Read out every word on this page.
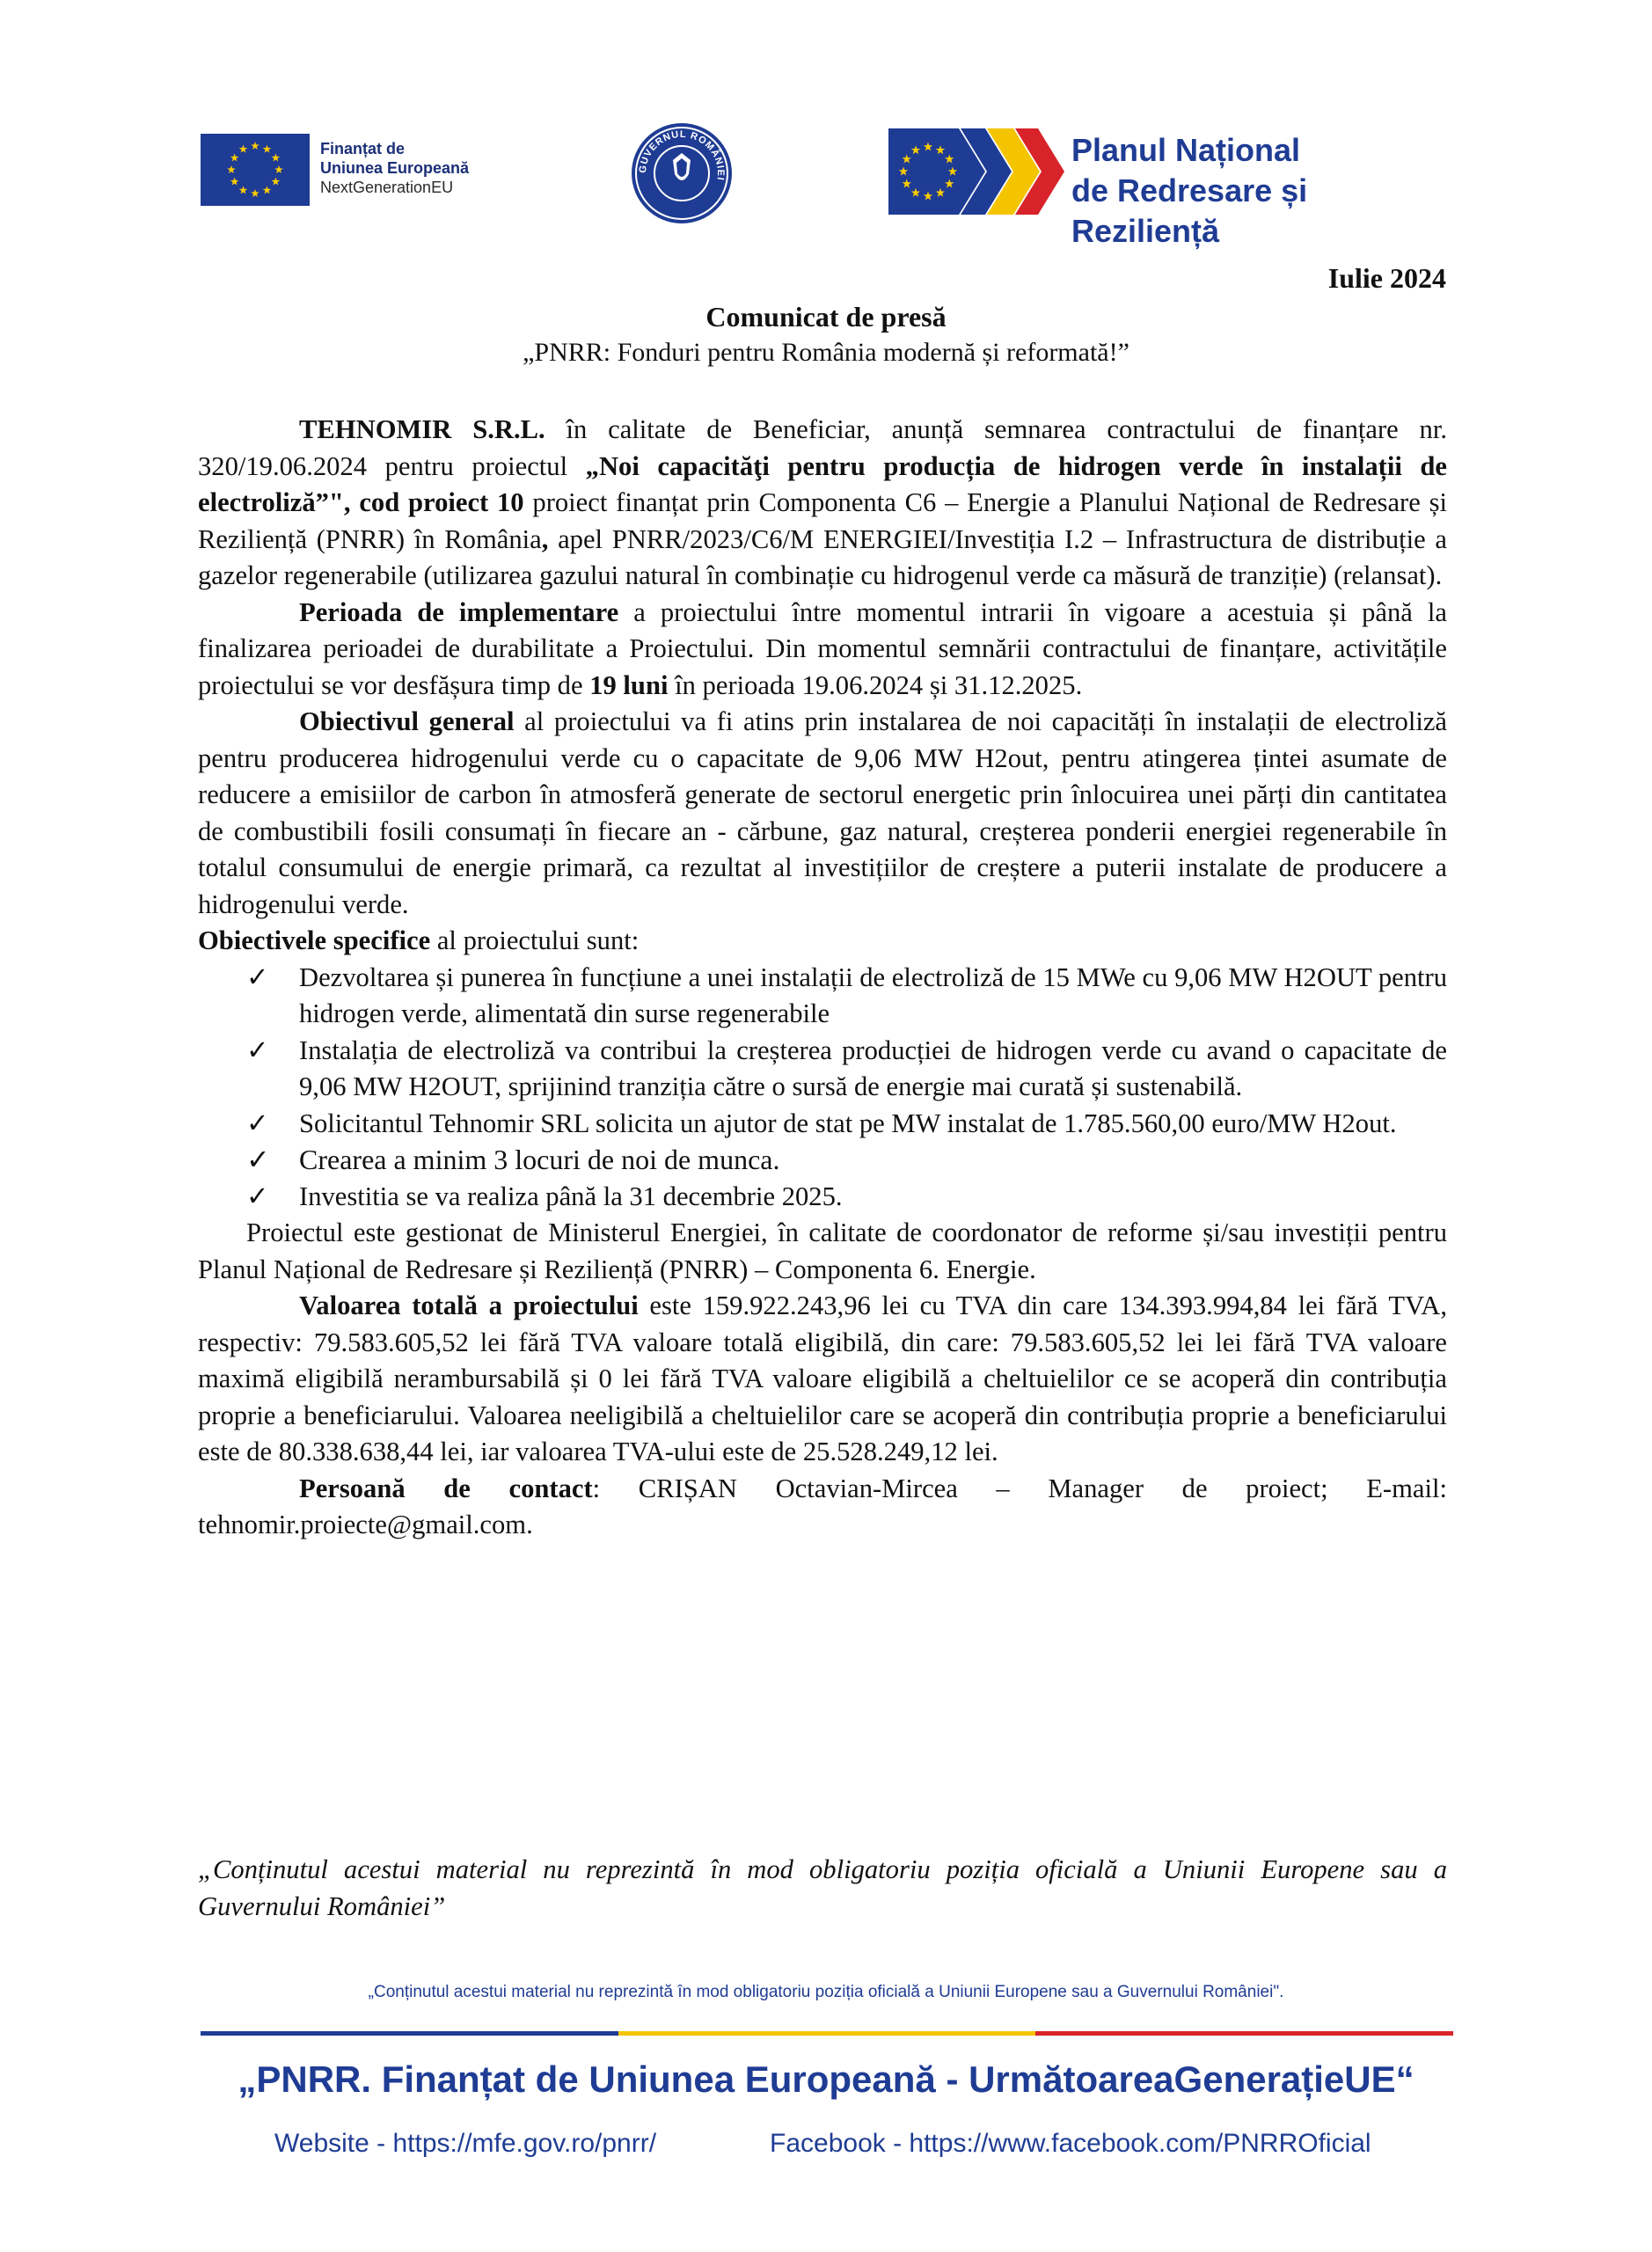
Finanțat de
Uniunea Europeană
NextGenerationEU
GUVERNUL ROMÂNIEI
Planul Național
de Redresare și Reziliență
Iulie 2024
Comunicat de presă
„PNRR: Fonduri pentru România modernă și reformată!”

TEHNOMIR S.R.L. în calitate de Beneficiar, anunță semnarea contractului de finanțare nr. 320/19.06.2024 pentru proiectul „Noi capacităţi pentru producția de hidrogen verde în instalații de electroliză”", cod proiect 10 proiect finanțat prin Componenta C6 – Energie a Planului Național de Redresare și Reziliență (PNRR) în România, apel PNRR/2023/C6/M ENERGIEI/Investiția I.2 – Infrastructura de distribuție a gazelor regenerabile (utilizarea gazului natural în combinație cu hidrogenul verde ca măsură de tranziție) (relansat).

Perioada de implementare a proiectului între momentul intrarii în vigoare a acestuia și până la finalizarea perioadei de durabilitate a Proiectului. Din momentul semnării contractului de finanțare, activitățile proiectului se vor desfășura timp de 19 luni în perioada 19.06.2024 și 31.12.2025.

Obiectivul general al proiectului va fi atins prin instalarea de noi capacități în instalații de electroliză pentru producerea hidrogenului verde cu o capacitate de 9,06 MW H2out, pentru atingerea țintei asumate de reducere a emisiilor de carbon în atmosferă generate de sectorul energetic prin înlocuirea unei părți din cantitatea de combustibili fosili consumați în fiecare an - cărbune, gaz natural, creșterea ponderii energiei regenerabile în totalul consumului de energie primară, ca rezultat al investițiilor de creștere a puterii instalate de producere a hidrogenului verde.

Obiectivele specifice al proiectului sunt:

✓ Dezvoltarea și punerea în funcțiune a unei instalații de electroliză de 15 MWe cu 9,06 MW H2OUT pentru hidrogen verde, alimentată din surse regenerabile
✓ Instalația de electroliză va contribui la creșterea producției de hidrogen verde cu avand o capacitate de 9,06 MW H2OUT, sprijinind tranziția către o sursă de energie mai curată și sustenabilă.
✓ Solicitantul Tehnomir SRL solicita un ajutor de stat pe MW instalat de 1.785.560,00 euro/MW H2out.
✓ Crearea a minim 3 locuri de noi de munca.
✓ Investitia se va realiza până la 31 decembrie 2025.

Proiectul este gestionat de Ministerul Energiei, în calitate de coordonator de reforme și/sau investiții pentru Planul Național de Redresare și Reziliență (PNRR) – Componenta 6. Energie.

Valoarea totală a proiectului este 159.922.243,96 lei cu TVA din care 134.393.994,84 lei fără TVA, respectiv: 79.583.605,52 lei fără TVA valoare totală eligibilă, din care: 79.583.605,52 lei lei fără TVA valoare maximă eligibilă nerambursabilă și 0 lei fără TVA valoare eligibilă a cheltuielilor ce se acoperă din contribuția proprie a beneficiarului. Valoarea neeligibilă a cheltuielilor care se acoperă din contribuția proprie a beneficiarului este de 80.338.638,44 lei, iar valoarea TVA-ului este de 25.528.249,12 lei.

Persoană de contact: CRIȘAN Octavian-Mircea – Manager de proiect; E-mail: tehnomir.proiecte@gmail.com.

„Conținutul acestui material nu reprezintă în mod obligatoriu poziția oficială a Uniunii Europene sau a Guvernului României”
„Conținutul acestui material nu reprezintă în mod obligatoriu poziția oficială a Uniunii Europene sau a Guvernului României".
„PNRR. Finanțat de Uniunea Europeană - UrmătoareaGenerațieUE“
Website - https://mfe.gov.ro/pnrr/	Facebook - https://www.facebook.com/PNRROficial
